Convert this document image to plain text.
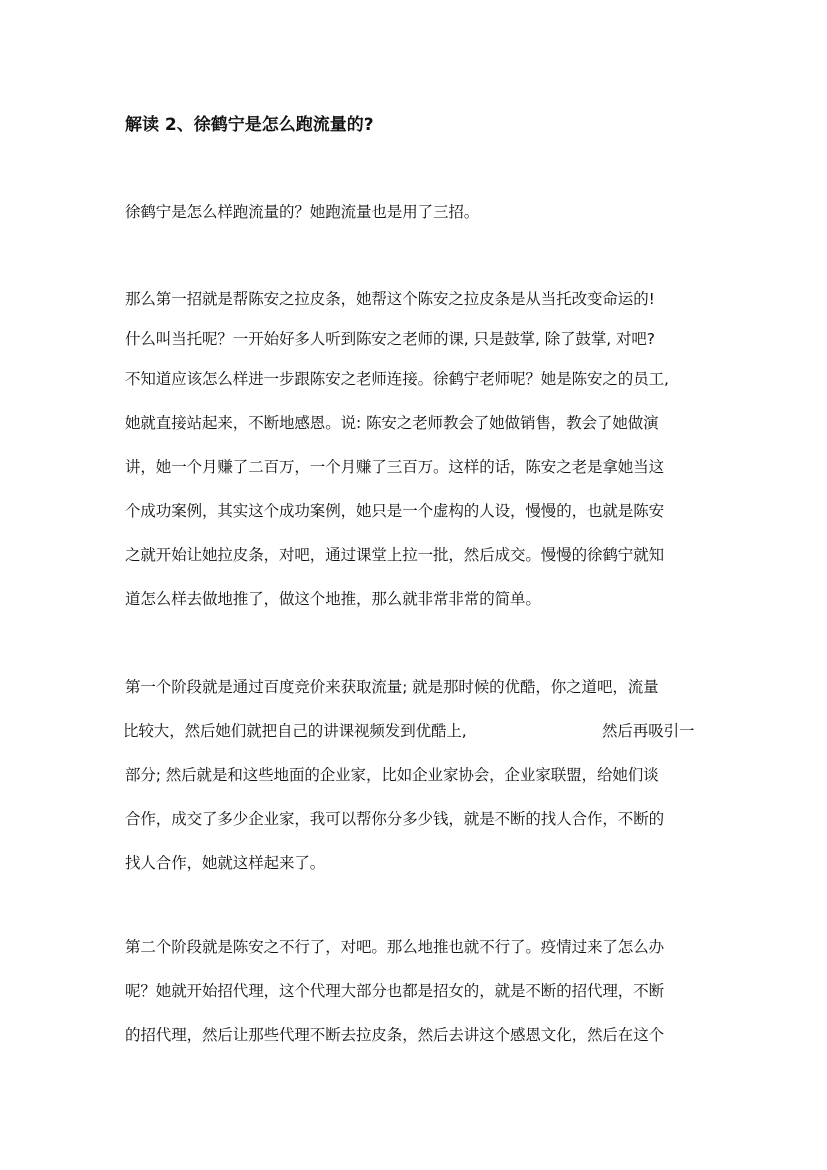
解读 2、徐鹤宁是怎么跑流量的?
徐鹤宁是怎么样跑流量的？她跑流量也是用了三招。
那么第一招就是帮陈安之拉皮条，她帮这个陈安之拉皮条是从当托改变命运的!
什么叫当托呢？一开始好多人听到陈安之老师的课, 只是鼓掌, 除了鼓掌, 对吧?
不知道应该怎么样进一步跟陈安之老师连接。徐鹤宁老师呢？她是陈安之的员工,
她就直接站起来，不断地感恩。说: 陈安之老师教会了她做销售，教会了她做演
讲，她一个月赚了二百万，一个月赚了三百万。这样的话，陈安之老是拿她当这
个成功案例，其实这个成功案例，她只是一个虚构的人设，慢慢的，也就是陈安
之就开始让她拉皮条，对吧，通过课堂上拉一批，然后成交。慢慢的徐鹤宁就知
道怎么样去做地推了，做这个地推，那么就非常非常的简单。
第一个阶段就是通过百度竞价来获取流量; 就是那时候的优酷，你之道吧，流量
比较大，然后她们就把自己的讲课视频发到优酷上,	然后再吸引一
部分; 然后就是和这些地面的企业家，比如企业家协会，企业家联盟，给她们谈
合作，成交了多少企业家，我可以帮你分多少钱，就是不断的找人合作，不断的
找人合作，她就这样起来了。
第二个阶段就是陈安之不行了，对吧。那么地推也就不行了。疫情过来了怎么办
呢？她就开始招代理，这个代理大部分也都是招女的，就是不断的招代理，不断
的招代理，然后让那些代理不断去拉皮条，然后去讲这个感恩文化，然后在这个
